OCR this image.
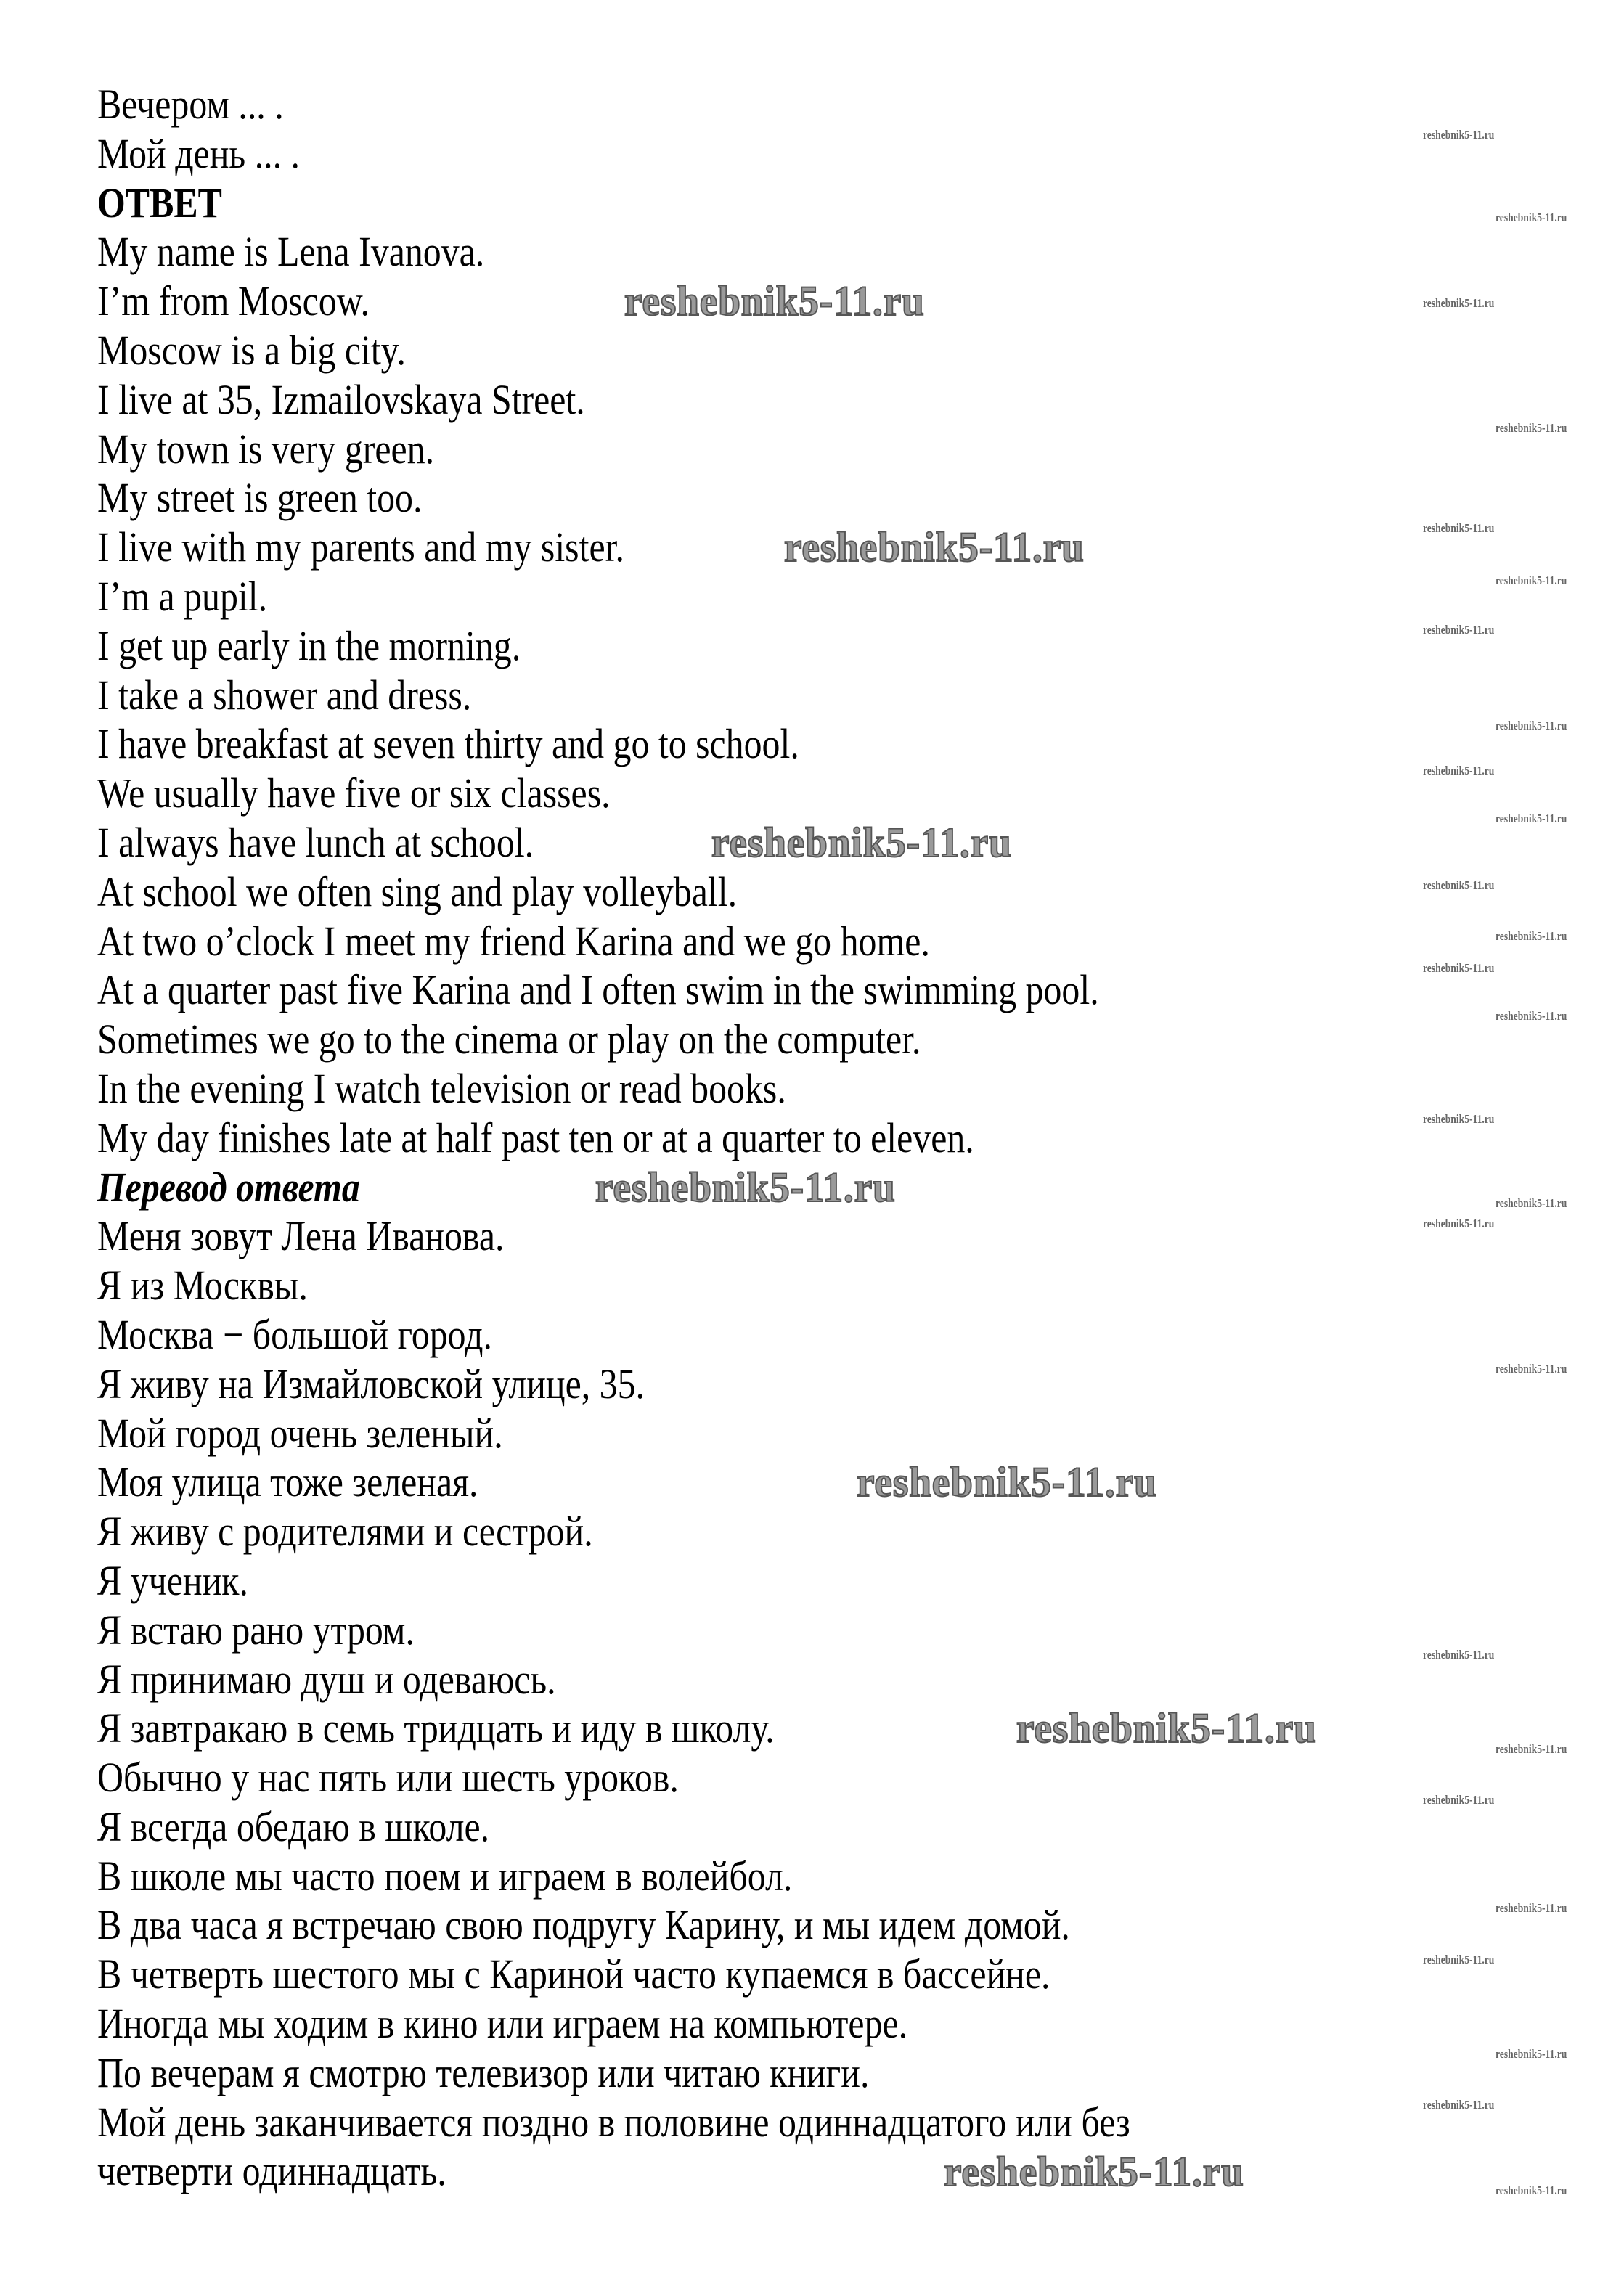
Вечером ... .
Мой день ... .
ОТВЕТ
My name is Lena Ivanova.
I’m from Moscow.
Moscow is a big city.
I live at 35, Izmailovskaya Street.
My town is very green.
My street is green too.
I live with my parents and my sister.
I’m a pupil.
I get up early in the morning.
I take a shower and dress.
I have breakfast at seven thirty and go to school.
We usually have five or six classes.
I always have lunch at school.
At school we often sing and play volleyball.
At two o’clock I meet my friend Karina and we go home.
At a quarter past five Karina and I often swim in the swimming pool.
Sometimes we go to the cinema or play on the computer.
In the evening I watch television or read books.
My day finishes late at half past ten or at a quarter to eleven.
Перевод ответа
Меня зовут Лена Иванова.
Я из Москвы.
Москва − большой город.
Я живу на Измайловской улице, 35.
Мой город очень зеленый.
Моя улица тоже зеленая.
Я живу с родителями и сестрой.
Я ученик.
Я встаю рано утром.
Я принимаю душ и одеваюсь.
Я завтракаю в семь тридцать и иду в школу.
Обычно у нас пять или шесть уроков.
Я всегда обедаю в школе.
В школе мы часто поем и играем в волейбол.
В два часа я встречаю свою подругу Карину, и мы идем домой.
В четверть шестого мы с Кариной часто купаемся в бассейне.
Иногда мы ходим в кино или играем на компьютере.
По вечерам я смотрю телевизор или читаю книги.
Мой день заканчивается поздно в половине одиннадцатого или без
четверти одиннадцать.
reshebnik5-11.ru
reshebnik5-11.ru
reshebnik5-11.ru
reshebnik5-11.ru
reshebnik5-11.ru
reshebnik5-11.ru
reshebnik5-11.ru
reshebnik5-11.ru
reshebnik5-11.ru
reshebnik5-11.ru
reshebnik5-11.ru
reshebnik5-11.ru
reshebnik5-11.ru
reshebnik5-11.ru
reshebnik5-11.ru
reshebnik5-11.ru
reshebnik5-11.ru
reshebnik5-11.ru
reshebnik5-11.ru
reshebnik5-11.ru
reshebnik5-11.ru
reshebnik5-11.ru
reshebnik5-11.ru
reshebnik5-11.ru
reshebnik5-11.ru
reshebnik5-11.ru
reshebnik5-11.ru
reshebnik5-11.ru
reshebnik5-11.ru
reshebnik5-11.ru
reshebnik5-11.ru
reshebnik5-11.ru
reshebnik5-11.ru
